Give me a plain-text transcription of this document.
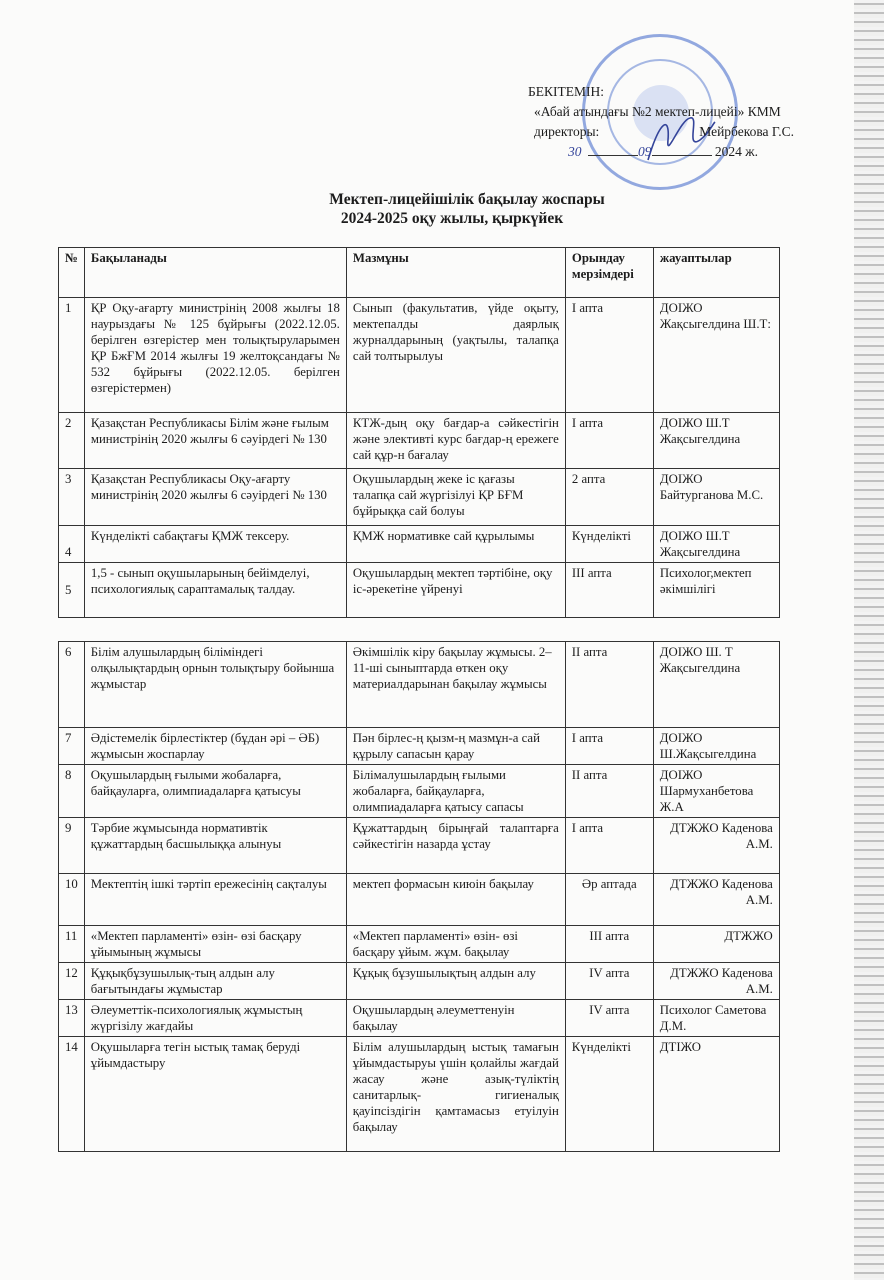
БЕКІТЕМІН:
«Абай атындағы №2 мектеп-лицейі» КММ
директоры:	Мейрбекова Г.С.
30	09	2024 ж.
Мектеп-лицейішілік бақылау жоспары
2024-2025 оқу жылы, қыркүйек
№	Бақыланады	Мазмұны	Орындау мерзімдері	жауаптылар
1	ҚР Оқу-ағарту министрінің 2008 жылғы 18 наурыздағы № 125 бұйрығы (2022.12.05. берілген өзгерістер мен толықтыруларымен ҚР БжҒМ 2014 жылғы 19 желтоқсандағы № 532 бұйрығы (2022.12.05. берілген өзгерістермен)	Сынып (факультатив, үйде оқыту, мектепалды даярлық журналдарының (уақтылы, талапқа сай толтырылуы	I апта	ДОІЖО Жақсыгелдина Ш.Т:
2	Қазақстан Республикасы Білім және ғылым министрінің 2020 жылғы 6 сәуірдегі № 130	КТЖ-дың оқу бағдар-а сәйкестігін және элективті курс бағдар-ң ережеге сай құр-н бағалау	I апта	ДОІЖО Ш.Т Жақсыгелдина
3	Қазақстан Республикасы Оқу-ағарту министрінің 2020 жылғы 6 сәуірдегі № 130	Оқушылардың жеке іс қағазы талапқа сай жүргізілуі ҚР БҒМ бұйрыққа сай болуы	2 апта	ДОІЖО Байтурганова М.С.
4	Күнделікті сабақтағы ҚМЖ тексеру.	ҚМЖ нормативке сай құрылымы	Күнделікті	ДОІЖО Ш.Т Жақсыгелдина
5	1,5 - сынып оқушыларының бейімделуі, психологиялық сараптамалық талдау.	Оқушылардың мектеп тәртібіне, оқу іс-әрекетіне үйренуі	III апта	Психолог,мектеп әкімшілігі
6	Білім алушылардың біліміндегі олқылықтардың орнын толықтыру бойынша жұмыстар	Әкімшілік кіру бақылау жұмысы. 2–11-ші сыныптарда өткен оқу материалдарынан бақылау жұмысы	II апта	ДОІЖО Ш. Т Жақсыгелдина
7	Әдістемелік бірлестіктер (бұдан әрі – ӘБ) жұмысын жоспарлау	Пән бірлес-ң қызм-ң мазмұн-а сай құрылу сапасын қарау	I апта	ДОІЖО Ш.Жақсыгелдина
8	Оқушылардың ғылыми жобаларға, байқауларға, олимпиадаларға қатысуы	Білімалушылардың ғылыми жобаларға, байқауларға, олимпиадаларға қатысу сапасы	II апта	ДОІЖО Шармуханбетова Ж.А
9	Тәрбие жұмысында нормативтік құжаттардың басшылыққа алынуы	Құжаттардың бірыңғай талаптарға сәйкестігін назарда ұстау	I апта	ДТЖЖО Каденова А.М.
10	Мектептің ішкі тәртіп ережесінің сақталуы	мектеп формасын киюін бақылау	Әр аптада	ДТЖЖО Каденова А.М.
11	«Мектеп парламенті» өзін- өзі басқару ұйымының жұмысы	«Мектеп парламенті» өзін- өзі басқару ұйым. жұм. бақылау	III апта	ДТЖЖО
12	Құқықбұзушылық-тың алдын алу бағытындағы жұмыстар	Құқық бұзушылықтың алдын алу	IV апта	ДТЖЖО Каденова А.М.
13	Әлеуметтік-психологиялық жұмыстың жүргізілу жағдайы	Оқушылардың әлеуметтенуін бақылау	IV апта	Психолог Саметова Д.М.
14	Оқушыларға тегін ыстық тамақ беруді ұйымдастыру	Білім алушылардың ыстық тамағын ұйымдастыруы үшін қолайлы жағдай жасау және азық-түліктің санитарлық- гигиеналық қауіпсіздігін қамтамасыз етуілуін бақылау	Күнделікті	ДТІЖО
